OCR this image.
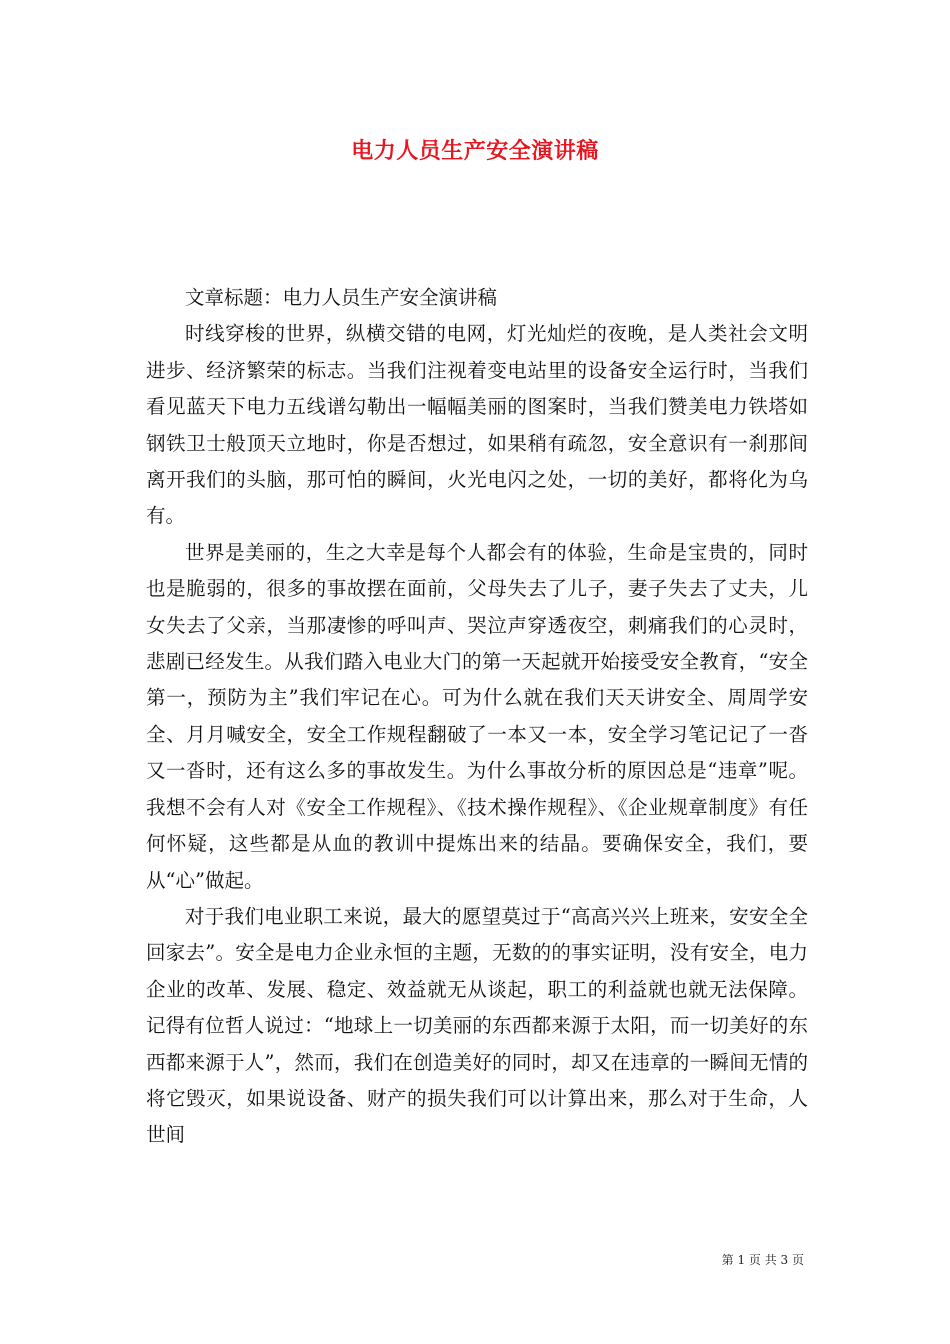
电力人员生产安全演讲稿

文章标题：电力人员生产安全演讲稿

时线穿梭的世界，纵横交错的电网，灯光灿烂的夜晚，是人类社会文明进步、经济繁荣的标志。当我们注视着变电站里的设备安全运行时，当我们看见蓝天下电力五线谱勾勒出一幅幅美丽的图案时，当我们赞美电力铁塔如钢铁卫士般顶天立地时，你是否想过，如果稍有疏忽，安全意识有一刹那间离开我们的头脑，那可怕的瞬间，火光电闪之处，一切的美好，都将化为乌有。

世界是美丽的，生之大幸是每个人都会有的体验，生命是宝贵的，同时也是脆弱的，很多的事故摆在面前，父母失去了儿子，妻子失去了丈夫，儿女失去了父亲，当那凄惨的呼叫声、哭泣声穿透夜空，刺痛我们的心灵时，悲剧已经发生。从我们踏入电业大门的第一天起就开始接受安全教育，“安全第一，预防为主”我们牢记在心。可为什么就在我们天天讲安全、周周学安全、月月喊安全，安全工作规程翻破了一本又一本，安全学习笔记记了一沓又一沓时，还有这么多的事故发生。为什么事故分析的原因总是“违章”呢。我想不会有人对《安全工作规程》、《技术操作规程》、《企业规章制度》有任何怀疑，这些都是从血的教训中提炼出来的结晶。要确保安全，我们，要从“心”做起。

对于我们电业职工来说，最大的愿望莫过于“高高兴兴上班来，安安全全回家去”。安全是电力企业永恒的主题，无数的的事实证明，没有安全，电力企业的改革、发展、稳定、效益就无从谈起，职工的利益就也就无法保障。记得有位哲人说过：“地球上一切美丽的东西都来源于太阳，而一切美好的东西都来源于人”，然而，我们在创造美好的同时，却又在违章的一瞬间无情的将它毁灭，如果说设备、财产的损失我们可以计算出来，那么对于生命，人世间

第 1 页 共 3 页
